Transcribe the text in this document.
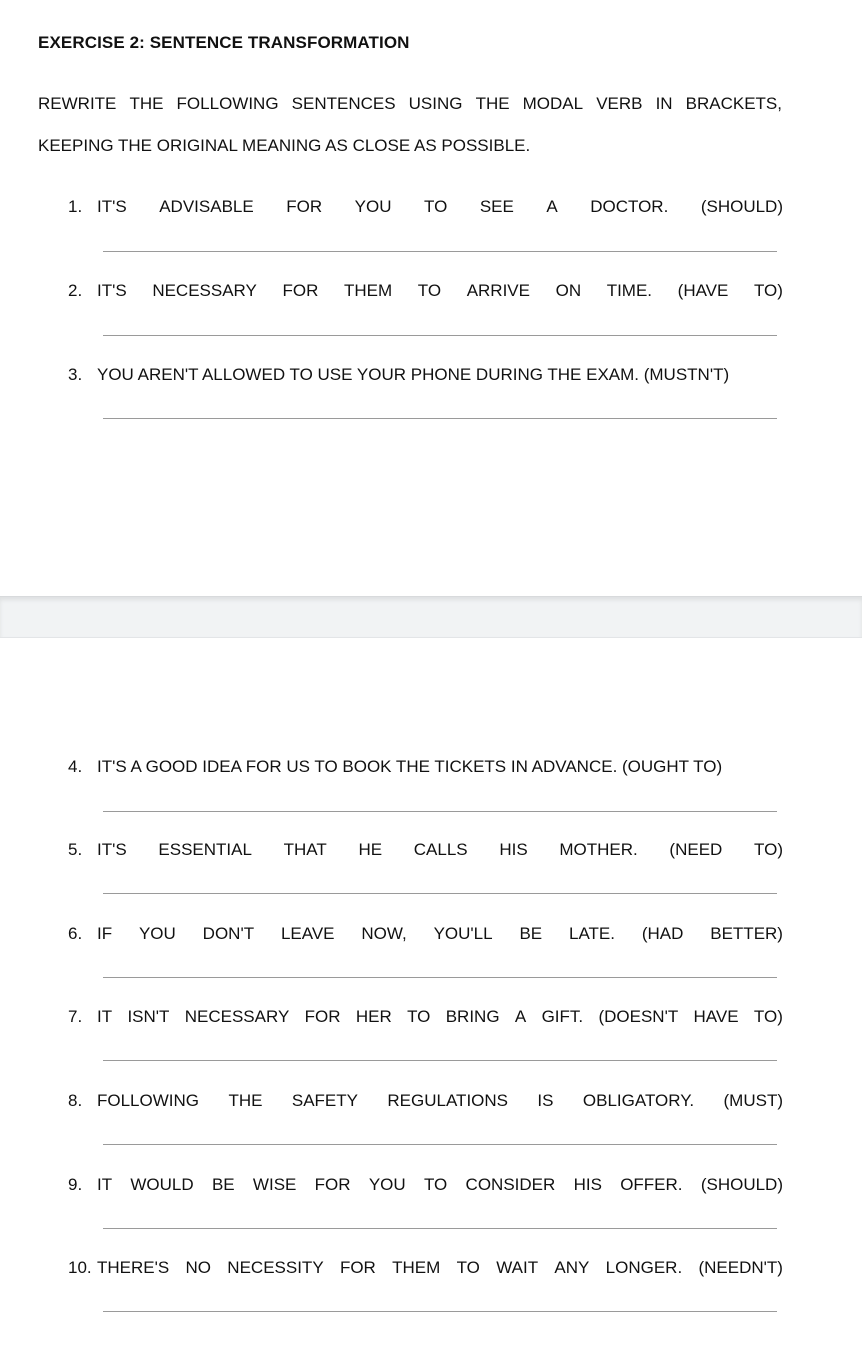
EXERCISE 2: SENTENCE TRANSFORMATION
REWRITE THE FOLLOWING SENTENCES USING THE MODAL VERB IN BRACKETS,
KEEPING THE ORIGINAL MEANING AS CLOSE AS POSSIBLE.
1. IT'S ADVISABLE FOR YOU TO SEE A DOCTOR. (SHOULD)
2. IT'S NECESSARY FOR THEM TO ARRIVE ON TIME. (HAVE TO)
3. YOU AREN'T ALLOWED TO USE YOUR PHONE DURING THE EXAM. (MUSTN'T)
4. IT'S A GOOD IDEA FOR US TO BOOK THE TICKETS IN ADVANCE. (OUGHT TO)
5. IT'S ESSENTIAL THAT HE CALLS HIS MOTHER. (NEED TO)
6. IF YOU DON'T LEAVE NOW, YOU'LL BE LATE. (HAD BETTER)
7. IT ISN'T NECESSARY FOR HER TO BRING A GIFT. (DOESN'T HAVE TO)
8. FOLLOWING THE SAFETY REGULATIONS IS OBLIGATORY. (MUST)
9. IT WOULD BE WISE FOR YOU TO CONSIDER HIS OFFER. (SHOULD)
10. THERE'S NO NECESSITY FOR THEM TO WAIT ANY LONGER. (NEEDN'T)
